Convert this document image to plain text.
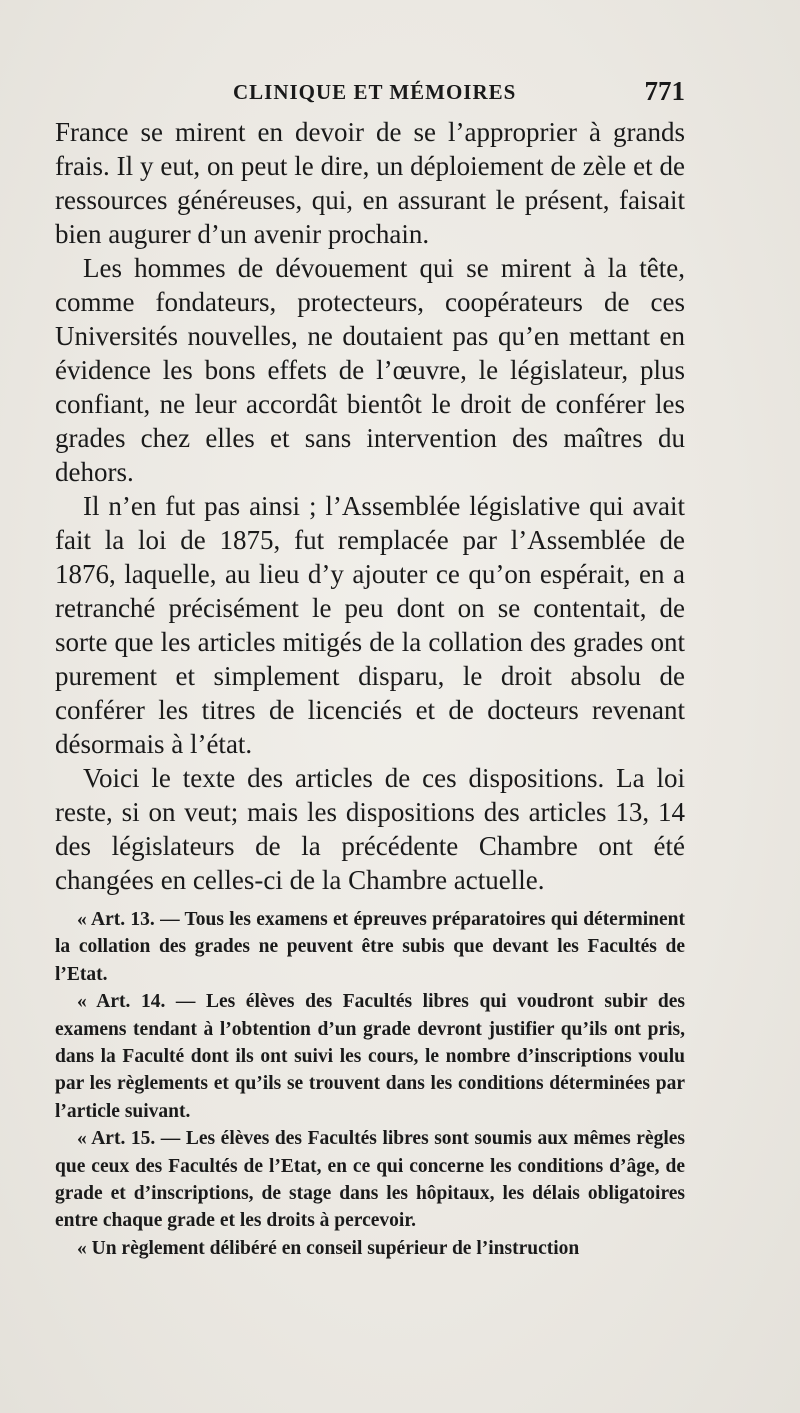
CLINIQUE ET MÉMOIRES	771

France se mirent en devoir de se l’approprier à grands frais. Il y eut, on peut le dire, un déploiement de zèle et de ressources généreuses, qui, en assurant le présent, faisait bien augurer d’un avenir prochain.

Les hommes de dévouement qui se mirent à la tête, comme fondateurs, protecteurs, coopérateurs de ces Universités nouvelles, ne doutaient pas qu’en mettant en évidence les bons effets de l’œuvre, le législateur, plus confiant, ne leur accordât bientôt le droit de conférer les grades chez elles et sans intervention des maîtres du dehors.

Il n’en fut pas ainsi ; l’Assemblée législative qui avait fait la loi de 1875, fut remplacée par l’Assemblée de 1876, laquelle, au lieu d’y ajouter ce qu’on espérait, en a retranché précisément le peu dont on se contentait, de sorte que les articles mitigés de la collation des grades ont purement et simplement disparu, le droit absolu de conférer les titres de licenciés et de docteurs revenant désormais à l’état.

Voici le texte des articles de ces dispositions. La loi reste, si on veut; mais les dispositions des articles 13, 14 des législateurs de la précédente Chambre ont été changées en celles-ci de la Chambre actuelle.

« Art. 13. — Tous les examens et épreuves préparatoires qui déterminent la collation des grades ne peuvent être subis que devant les Facultés de l’Etat.

« Art. 14. — Les élèves des Facultés libres qui voudront subir des examens tendant à l’obtention d’un grade devront justifier qu’ils ont pris, dans la Faculté dont ils ont suivi les cours, le nombre d’inscriptions voulu par les règlements et qu’ils se trouvent dans les conditions déterminées par l’article suivant.

« Art. 15. — Les élèves des Facultés libres sont soumis aux mêmes règles que ceux des Facultés de l’Etat, en ce qui concerne les conditions d’âge, de grade et d’inscriptions, de stage dans les hôpitaux, les délais obligatoires entre chaque grade et les droits à percevoir.

« Un règlement délibéré en conseil supérieur de l’instruction
